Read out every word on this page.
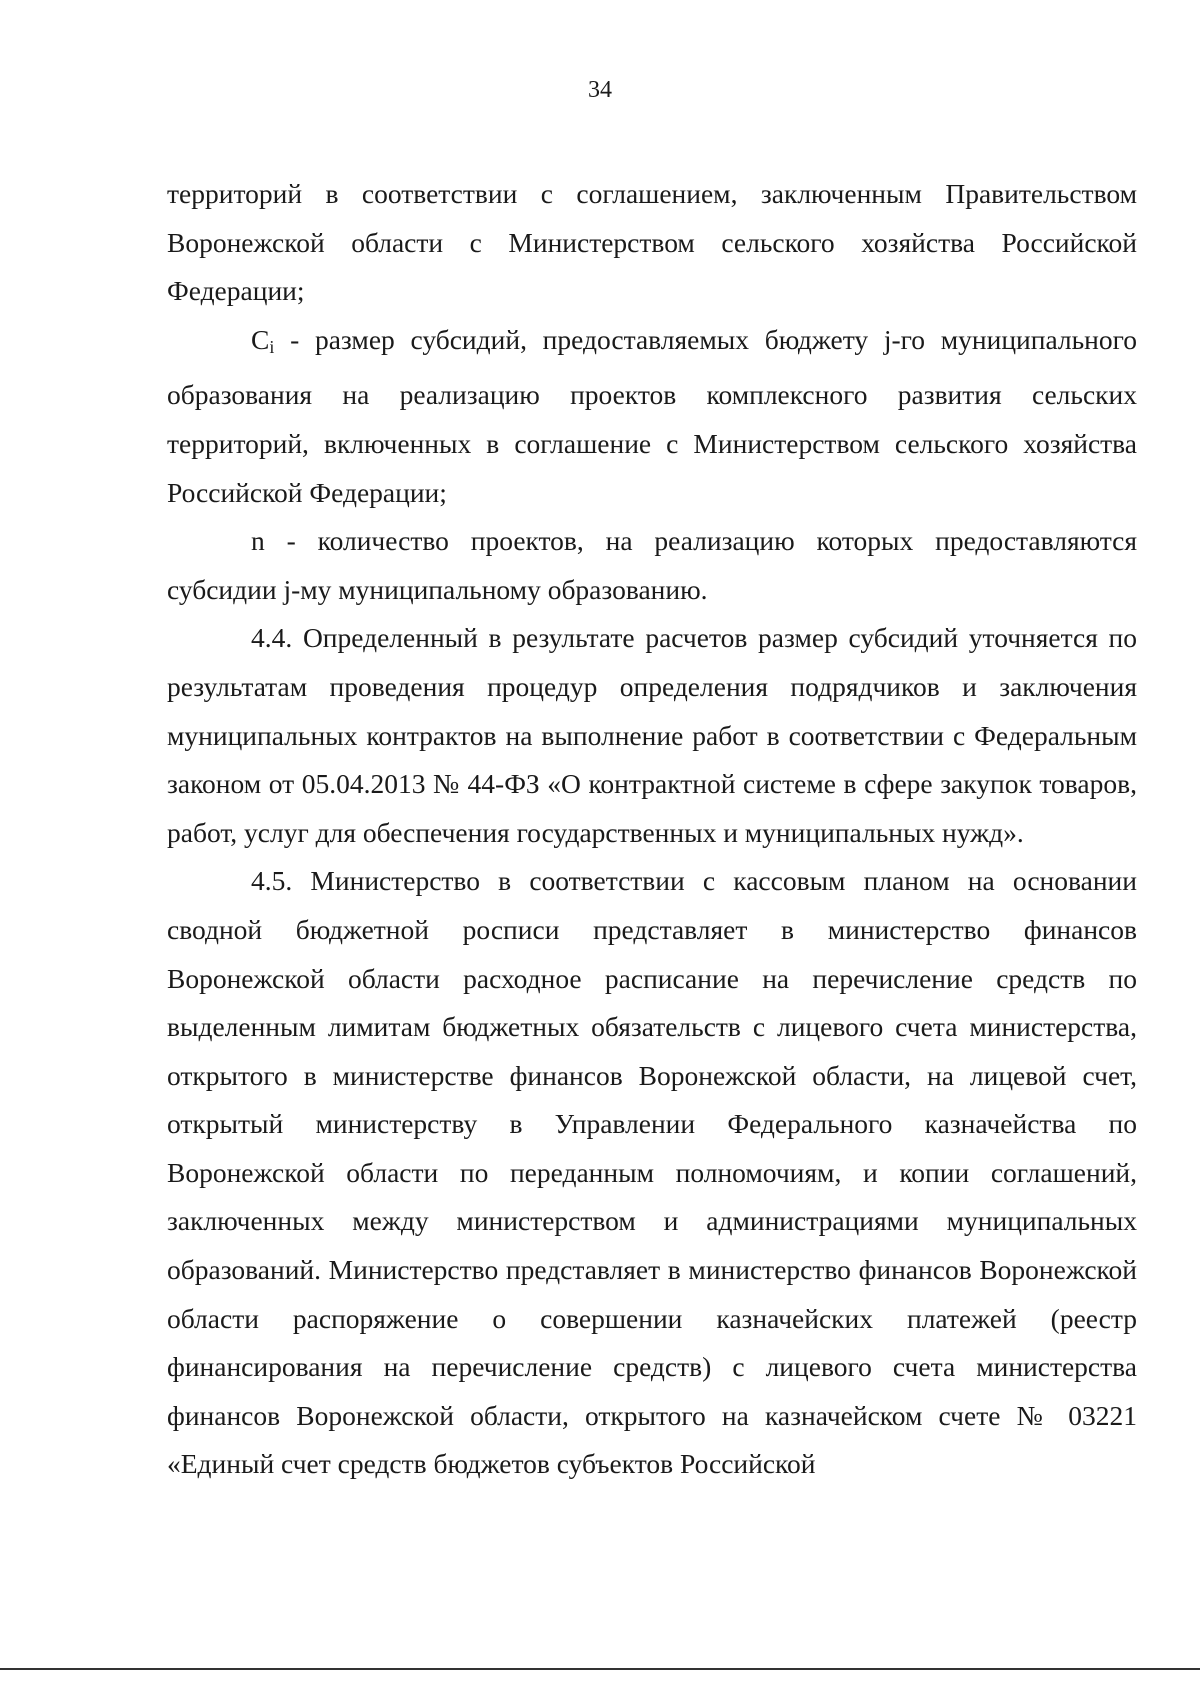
34

территорий в соответствии с соглашением, заключенным Правительством Воронежской области с Министерством сельского хозяйства Российской Федерации;

$C_i$ - размер субсидий, предоставляемых бюджету j-го муниципального образования на реализацию проектов комплексного развития сельских территорий, включенных в соглашение с Министерством сельского хозяйства Российской Федерации;

n - количество проектов, на реализацию которых предоставляются субсидии j-му муниципальному образованию.

4.4. Определенный в результате расчетов размер субсидий уточняется по результатам проведения процедур определения подрядчиков и заключения муниципальных контрактов на выполнение работ в соответствии с Федеральным законом от 05.04.2013 № 44-ФЗ «О контрактной системе в сфере закупок товаров, работ, услуг для обеспечения государственных и муниципальных нужд».

4.5. Министерство в соответствии с кассовым планом на основании сводной бюджетной росписи представляет в министерство финансов Воронежской области расходное расписание на перечисление средств по выделенным лимитам бюджетных обязательств с лицевого счета министерства, открытого в министерстве финансов Воронежской области, на лицевой счет, открытый министерству в Управлении Федерального казначейства по Воронежской области по переданным полномочиям, и копии соглашений, заключенных между министерством и администрациями муниципальных образований. Министерство представляет в министерство финансов Воронежской области распоряжение о совершении казначейских платежей (реестр финансирования на перечисление средств) с лицевого счета министерства финансов Воронежской области, открытого на казначейском счете № 03221 «Единый счет средств бюджетов субъектов Российской
